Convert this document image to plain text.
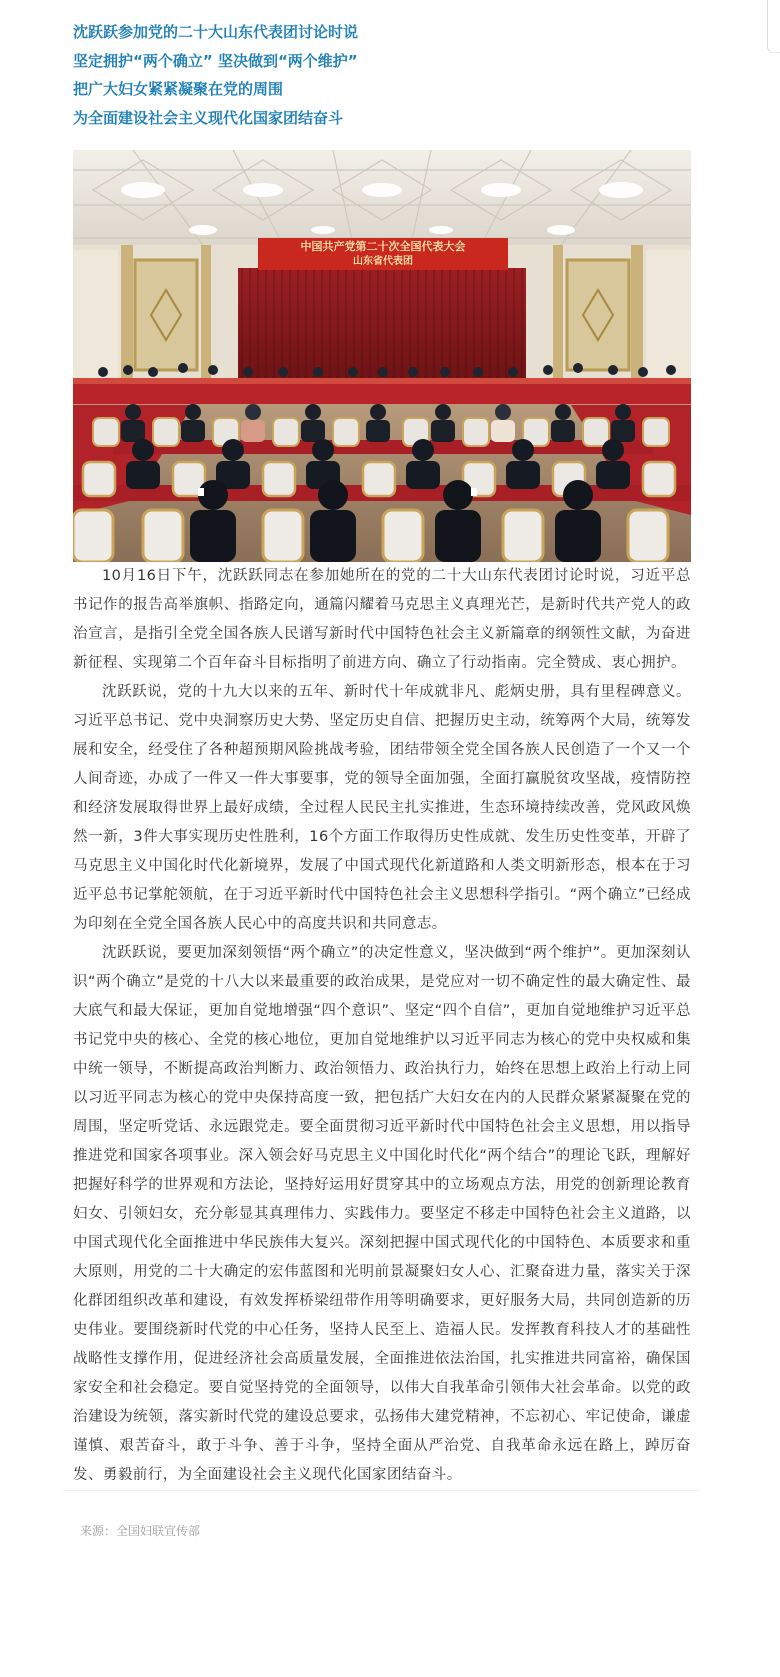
沈跃跃参加党的二十大山东代表团讨论时说
坚定拥护“两个确立” 坚决做到“两个维护”
把广大妇女紧紧凝聚在党的周围
为全面建设社会主义现代化国家团结奋斗
中国共产党第二十次全国代表大会
山东省代表团

10月16日下午，沈跃跃同志在参加她所在的党的二十大山东代表团讨论时说，习近平总书记作的报告高举旗帜、指路定向，通篇闪耀着马克思主义真理光芒，是新时代共产党人的政治宣言，是指引全党全国各族人民谱写新时代中国特色社会主义新篇章的纲领性文献，为奋进新征程、实现第二个百年奋斗目标指明了前进方向、确立了行动指南。完全赞成、衷心拥护。

沈跃跃说，党的十九大以来的五年、新时代十年成就非凡、彪炳史册，具有里程碑意义。习近平总书记、党中央洞察历史大势、坚定历史自信、把握历史主动，统筹两个大局，统筹发展和安全，经受住了各种超预期风险挑战考验，团结带领全党全国各族人民创造了一个又一个人间奇迹，办成了一件又一件大事要事，党的领导全面加强，全面打赢脱贫攻坚战，疫情防控和经济发展取得世界上最好成绩，全过程人民民主扎实推进，生态环境持续改善，党风政风焕然一新，3件大事实现历史性胜利，16个方面工作取得历史性成就、发生历史性变革，开辟了马克思主义中国化时代化新境界，发展了中国式现代化新道路和人类文明新形态，根本在于习近平总书记掌舵领航，在于习近平新时代中国特色社会主义思想科学指引。“两个确立”已经成为印刻在全党全国各族人民心中的高度共识和共同意志。

沈跃跃说，要更加深刻领悟“两个确立”的决定性意义，坚决做到“两个维护”。更加深刻认识“两个确立”是党的十八大以来最重要的政治成果，是党应对一切不确定性的最大确定性、最大底气和最大保证，更加自觉地增强“四个意识”、坚定“四个自信”，更加自觉地维护习近平总书记党中央的核心、全党的核心地位，更加自觉地维护以习近平同志为核心的党中央权威和集中统一领导，不断提高政治判断力、政治领悟力、政治执行力，始终在思想上政治上行动上同以习近平同志为核心的党中央保持高度一致，把包括广大妇女在内的人民群众紧紧凝聚在党的周围，坚定听党话、永远跟党走。要全面贯彻习近平新时代中国特色社会主义思想，用以指导推进党和国家各项事业。深入领会好马克思主义中国化时代化“两个结合”的理论飞跃，理解好把握好科学的世界观和方法论，坚持好运用好贯穿其中的立场观点方法，用党的创新理论教育妇女、引领妇女，充分彰显其真理伟力、实践伟力。要坚定不移走中国特色社会主义道路，以中国式现代化全面推进中华民族伟大复兴。深刻把握中国式现代化的中国特色、本质要求和重大原则，用党的二十大确定的宏伟蓝图和光明前景凝聚妇女人心、汇聚奋进力量，落实关于深化群团组织改革和建设，有效发挥桥梁纽带作用等明确要求，更好服务大局，共同创造新的历史伟业。要围绕新时代党的中心任务，坚持人民至上、造福人民。发挥教育科技人才的基础性战略性支撑作用，促进经济社会高质量发展，全面推进依法治国，扎实推进共同富裕，确保国家安全和社会稳定。要自觉坚持党的全面领导，以伟大自我革命引领伟大社会革命。以党的政治建设为统领，落实新时代党的建设总要求，弘扬伟大建党精神，不忘初心、牢记使命，谦虚谨慎、艰苦奋斗，敢于斗争、善于斗争，坚持全面从严治党、自我革命永远在路上，踔厉奋发、勇毅前行，为全面建设社会主义现代化国家团结奋斗。

来源：全国妇联宣传部
